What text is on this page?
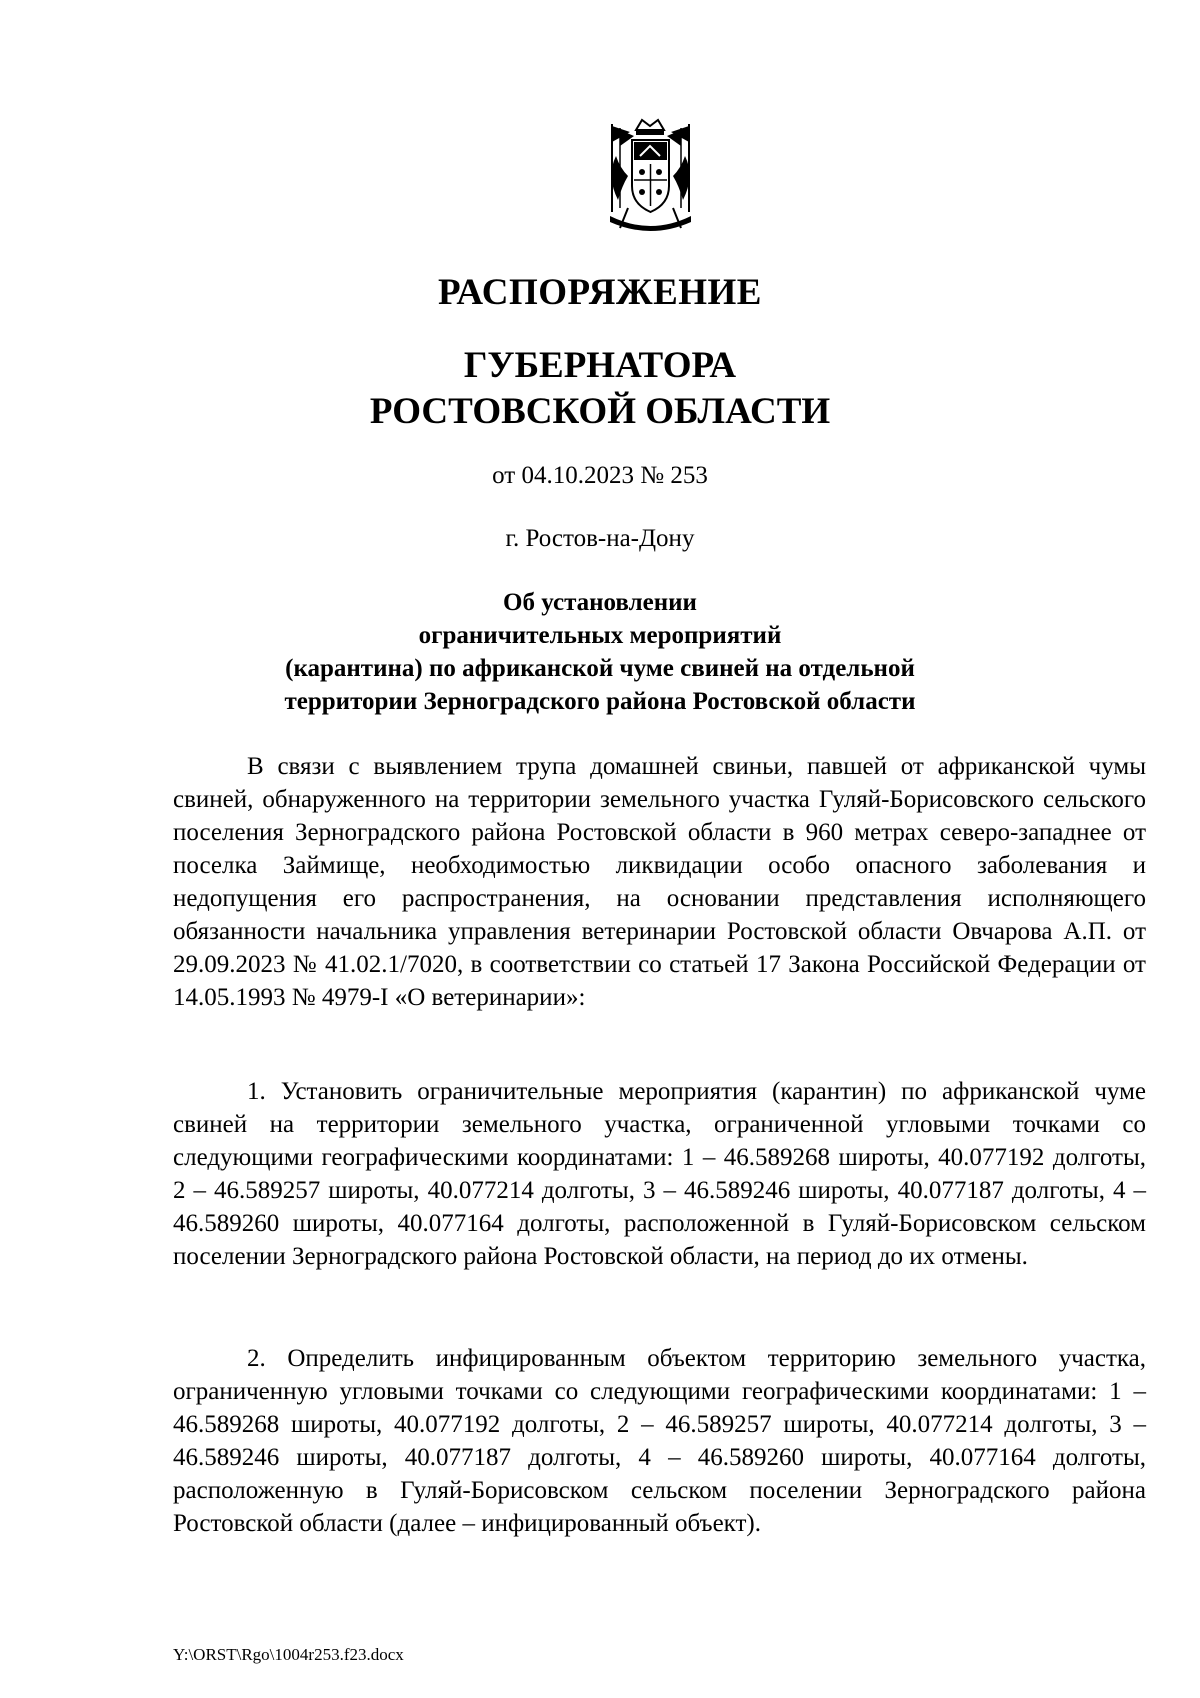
РАСПОРЯЖЕНИЕ
ГУБЕРНАТОРА
РОСТОВСКОЙ ОБЛАСТИ
от 04.10.2023 № 253
г. Ростов-на-Дону
Об установлении
ограничительных мероприятий
(карантина) по африканской чуме свиней на отдельной
территории Зерноградского района Ростовской области

В связи с выявлением трупа домашней свиньи, павшей от африканской чумы свиней, обнаруженного на территории земельного участка Гуляй-Борисовского сельского поселения Зерноградского района Ростовской области в 960 метрах северо-западнее от поселка Займище, необходимостью ликвидации особо опасного заболевания и недопущения его распространения, на основании представления исполняющего обязанности начальника управления ветеринарии Ростовской области Овчарова А.П. от 29.09.2023 № 41.02.1/7020, в соответствии со статьей 17 Закона Российской Федерации от 14.05.1993 № 4979-I «О ветеринарии»:

1. Установить ограничительные мероприятия (карантин) по африканской чуме свиней на территории земельного участка, ограниченной угловыми точками со следующими географическими координатами: 1 – 46.589268 широты, 40.077192 долготы, 2 – 46.589257 широты, 40.077214 долготы, 3 – 46.589246 широты, 40.077187 долготы, 4 – 46.589260 широты, 40.077164 долготы, расположенной в Гуляй-Борисовском сельском поселении Зерноградского района Ростовской области, на период до их отмены.

2. Определить инфицированным объектом территорию земельного участка, ограниченную угловыми точками со следующими географическими координатами: 1 – 46.589268 широты, 40.077192 долготы, 2 – 46.589257 широты, 40.077214 долготы, 3 – 46.589246 широты, 40.077187 долготы, 4 – 46.589260 широты, 40.077164 долготы, расположенную в Гуляй-Борисовском сельском поселении Зерноградского района Ростовской области (далее – инфицированный объект).

Y:\ORST\Rgo\1004r253.f23.docx
